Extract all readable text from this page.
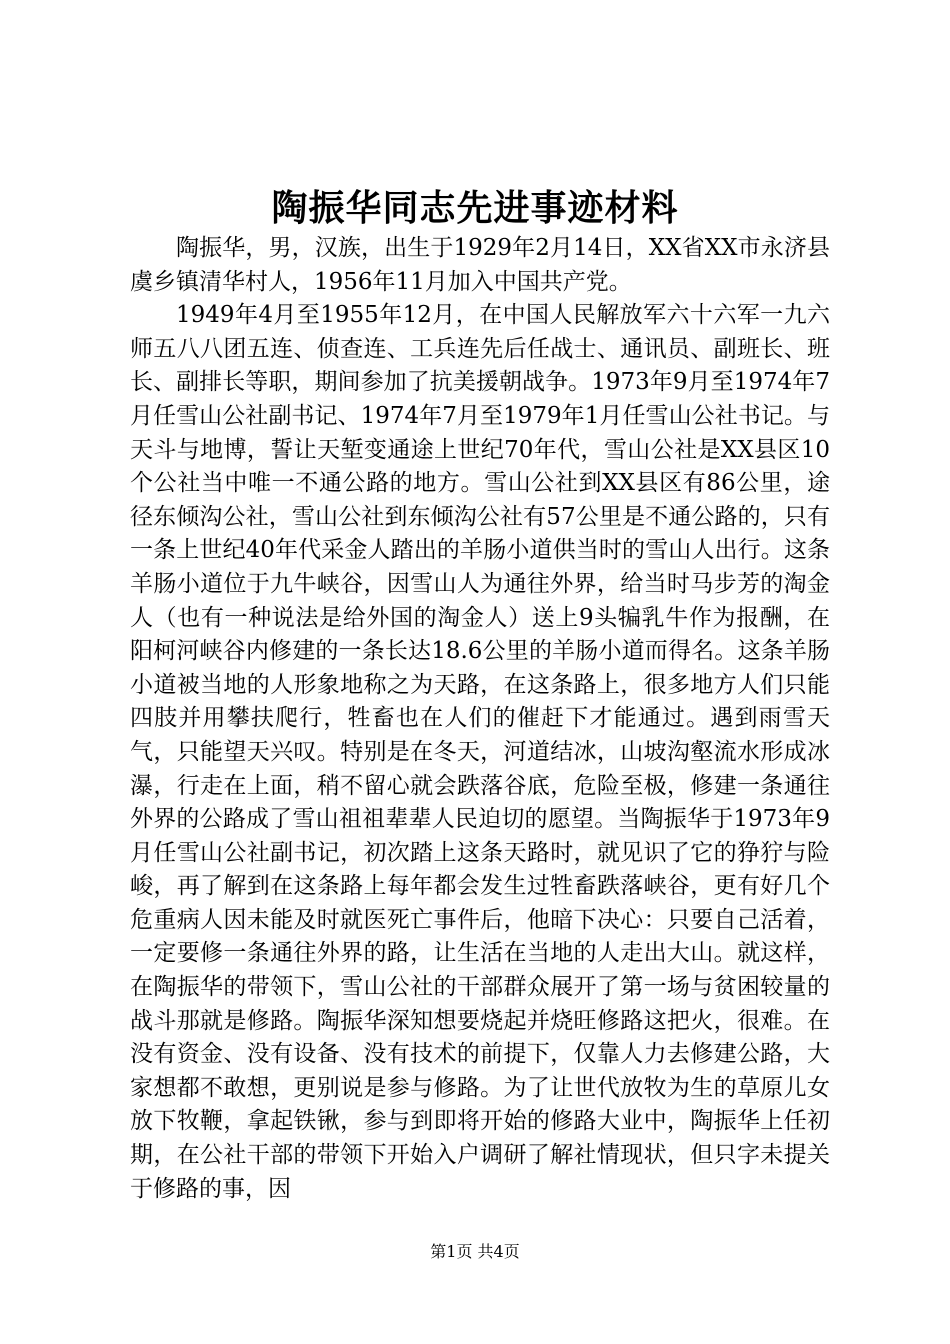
陶振华同志先进事迹材料

陶振华，男，汉族，出生于1929年2月14日，XX省XX市永济县虞乡镇清华村人，1956年11月加入中国共产党。

1949年4月至1955年12月，在中国人民解放军六十六军一九六师五八八团五连、侦查连、工兵连先后任战士、通讯员、副班长、班长、副排长等职，期间参加了抗美援朝战争。1973年9月至1974年7月任雪山公社副书记、1974年7月至1979年1月任雪山公社书记。与天斗与地博，誓让天堑变通途上世纪70年代，雪山公社是XX县区10个公社当中唯一不通公路的地方。雪山公社到XX县区有86公里，途径东倾沟公社，雪山公社到东倾沟公社有57公里是不通公路的，只有一条上世纪40年代采金人踏出的羊肠小道供当时的雪山人出行。这条羊肠小道位于九牛峡谷，因雪山人为通往外界，给当时马步芳的淘金人（也有一种说法是给外国的淘金人）送上9头犏乳牛作为报酬，在阳柯河峡谷内修建的一条长达18.6公里的羊肠小道而得名。这条羊肠小道被当地的人形象地称之为天路，在这条路上，很多地方人们只能四肢并用攀扶爬行，牲畜也在人们的催赶下才能通过。遇到雨雪天气，只能望天兴叹。特别是在冬天，河道结冰，山坡沟壑流水形成冰瀑，行走在上面，稍不留心就会跌落谷底，危险至极，修建一条通往外界的公路成了雪山祖祖辈辈人民迫切的愿望。当陶振华于1973年9月任雪山公社副书记，初次踏上这条天路时，就见识了它的狰狞与险峻，再了解到在这条路上每年都会发生过牲畜跌落峡谷，更有好几个危重病人因未能及时就医死亡事件后，他暗下决心：只要自己活着，一定要修一条通往外界的路，让生活在当地的人走出大山。就这样，在陶振华的带领下，雪山公社的干部群众展开了第一场与贫困较量的战斗那就是修路。陶振华深知想要烧起并烧旺修路这把火，很难。在没有资金、没有设备、没有技术的前提下，仅靠人力去修建公路，大家想都不敢想，更别说是参与修路。为了让世代放牧为生的草原儿女放下牧鞭，拿起铁锹，参与到即将开始的修路大业中，陶振华上任初期，在公社干部的带领下开始入户调研了解社情现状，但只字未提关于修路的事，因

第1页 共4页
